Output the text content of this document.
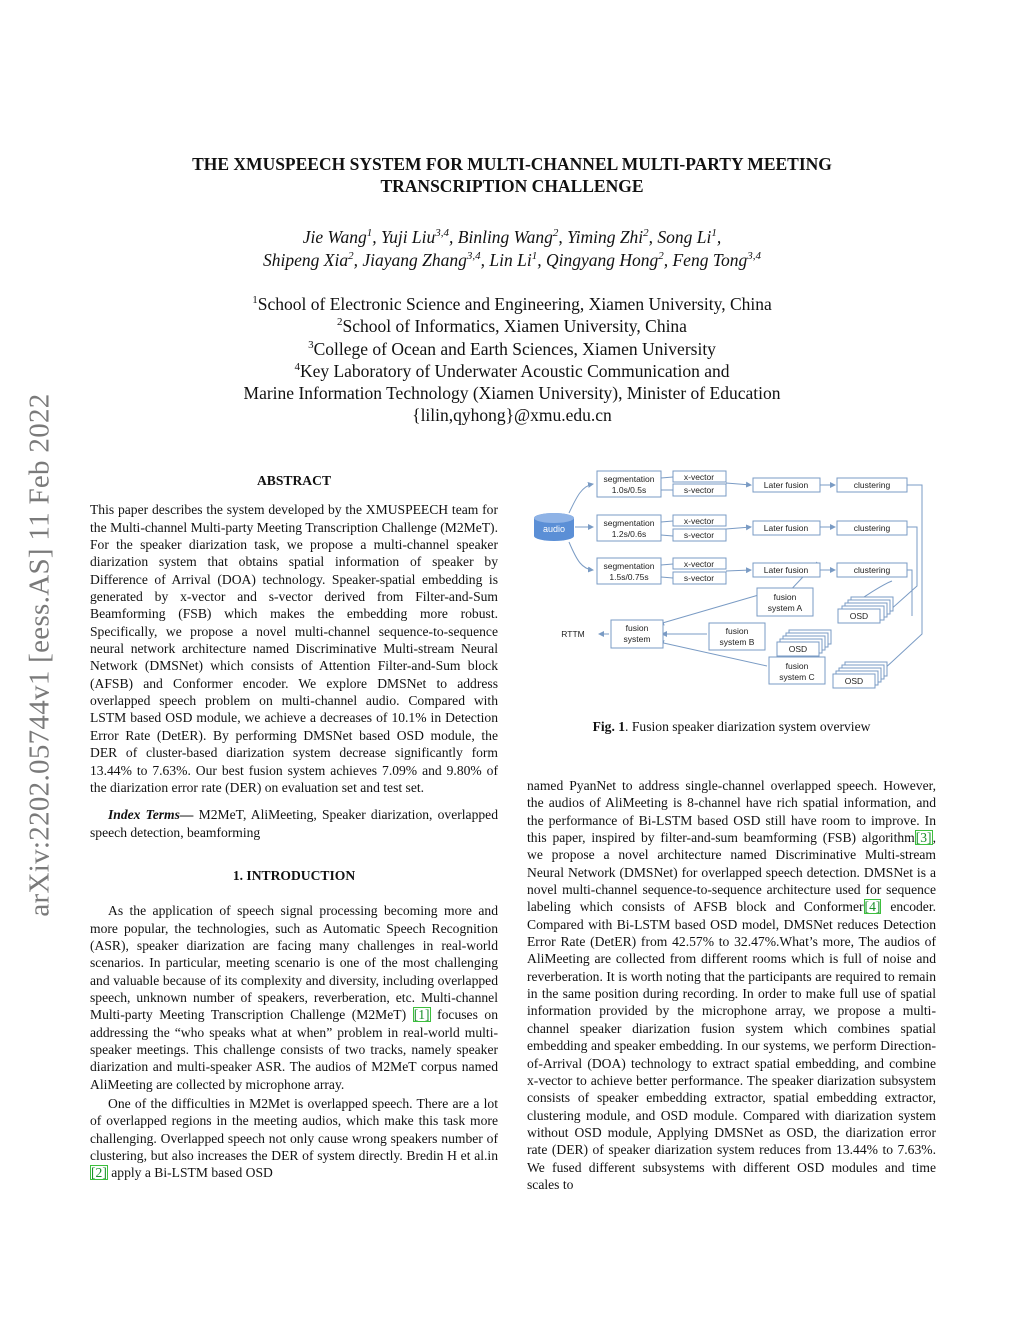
arXiv:2202.05744v1 [eess.AS] 11 Feb 2022
THE XMUSPEECH SYSTEM FOR MULTI-CHANNEL MULTI-PARTY MEETING
TRANSCRIPTION CHALLENGE
Jie Wang$^1$, Yuji Liu$^{3,4}$, Binling Wang$^2$, Yiming Zhi$^2$, Song Li$^1$,
Shipeng Xia$^2$, Jiayang Zhang$^{3,4}$, Lin Li$^1$, Qingyang Hong$^2$, Feng Tong$^{3,4}$
$^1$School of Electronic Science and Engineering, Xiamen University, China
$^2$School of Informatics, Xiamen University, China
$^3$College of Ocean and Earth Sciences, Xiamen University
$^4$Key Laboratory of Underwater Acoustic Communication and
Marine Information Technology (Xiamen University), Minister of Education
{lilin,qyhong}@xmu.edu.cn
ABSTRACT

This paper describes the system developed by the XMUSPEECH team for the Multi-channel Multi-party Meeting Transcription Challenge (M2MeT). For the speaker diarization task, we propose a multi-channel speaker diarization system that obtains spatial information of speaker by Difference of Arrival (DOA) technology. Speaker-spatial embedding is generated by x-vector and s-vector derived from Filter-and-Sum Beamforming (FSB) which makes the embedding more robust. Specifically, we propose a novel multi-channel sequence-to-sequence neural network architecture named Discriminative Multi-stream Neural Network (DMSNet) which consists of Attention Filter-and-Sum block (AFSB) and Conformer encoder. We explore DMSNet to address overlapped speech problem on multi-channel audio. Compared with LSTM based OSD module, we achieve a decreases of 10.1% in Detection Error Rate (DetER). By performing DMSNet based OSD module, the DER of cluster-based diarization system decrease significantly form 13.44% to 7.63%. Our best fusion system achieves 7.09% and 9.80% of the diarization error rate (DER) on evaluation set and test set.

Index Terms— M2MeT, AliMeeting, Speaker diarization, overlapped speech detection, beamforming

1. INTRODUCTION

As the application of speech signal processing becoming more and more popular, the technologies, such as Automatic Speech Recognition (ASR), speaker diarization are facing many challenges in real-world scenarios. In particular, meeting scenario is one of the most challenging and valuable because of its complexity and diversity, including overlapped speech, unknown number of speakers, reverberation, etc. Multi-channel Multi-party Meeting Transcription Challenge (M2MeT) [1] focuses on addressing the “who speaks what at when” problem in real-world multi-speaker meetings. This challenge consists of two tracks, namely speaker diarization and multi-speaker ASR. The audios of M2MeT corpus named AliMeeting are collected by microphone array.

One of the difficulties in M2Met is overlapped speech. There are a lot of overlapped regions in the meeting audios, which make this task more challenging. Overlapped speech not only cause wrong speakers number of clustering, but also increases the DER of system directly. Bredin H et al.in [2] apply a Bi-LSTM based OSD

audio
segmentation
1.0s/0.5s
segmentation
1.2s/0.6s
segmentation
1.5s/0.75s
x-vector
s-vector
x-vector
s-vector
x-vector
s-vector
Later fusion
Later fusion
Later fusion
clustering
clustering
clustering
fusion
system A
fusion
system B
fusion
system C
fusion
system
OSD
OSD
OSD
RTTM
Fig. 1. Fusion speaker diarization system overview

named PyanNet to address single-channel overlapped speech. However, the audios of AliMeeting is 8-channel have rich spatial information, and the performance of Bi-LSTM based OSD still have room to improve. In this paper, inspired by filter-and-sum beamforming (FSB) algorithm[3], we propose a novel architecture named Discriminative Multi-stream Neural Network (DMSNet) for overlapped speech detection. DMSNet is a novel multi-channel sequence-to-sequence architecture used for sequence labeling which consists of AFSB block and Conformer[4] encoder. Compared with Bi-LSTM based OSD model, DMSNet reduces Detection Error Rate (DetER) from 42.57% to 32.47%.What’s more, The audios of AliMeeting are collected from different rooms which is full of noise and reverberation. It is worth noting that the participants are required to remain in the same position during recording. In order to make full use of spatial information provided by the microphone array, we propose a multi-channel speaker diarization fusion system which combines spatial embedding and speaker embedding. In our systems, we perform Direction-of-Arrival (DOA) technology to extract spatial embedding, and combine x-vector to achieve better performance. The speaker diarization subsystem consists of speaker embedding extractor, spatial embedding extractor, clustering module, and OSD module. Compared with diarization system without OSD module, Applying DMSNet as OSD, the diarization error rate (DER) of speaker diarization system reduces from 13.44% to 7.63%. We fused different subsystems with different OSD modules and time scales to
